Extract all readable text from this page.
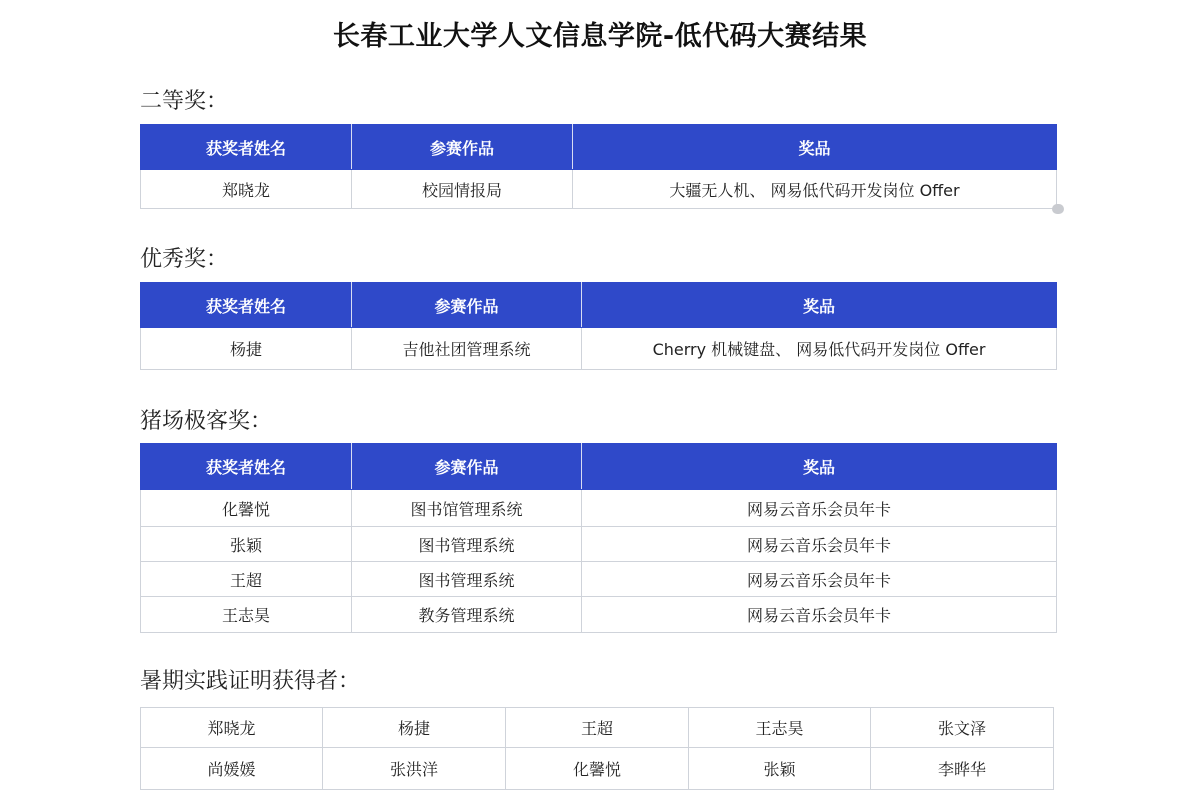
长春工业大学人文信息学院-低代码大赛结果
二等奖：
获奖者姓名	参赛作品	奖品
郑晓龙	校园情报局	大疆无人机、 网易低代码开发岗位 Offer
优秀奖：
获奖者姓名	参赛作品	奖品
杨捷	吉他社团管理系统	Cherry 机械键盘、 网易低代码开发岗位 Offer
猪场极客奖：
获奖者姓名	参赛作品	奖品
化馨悦	图书馆管理系统	网易云音乐会员年卡
张颖	图书管理系统	网易云音乐会员年卡
王超	图书管理系统	网易云音乐会员年卡
王志昊	教务管理系统	网易云音乐会员年卡
暑期实践证明获得者：
郑晓龙	杨捷	王超	王志昊	张文泽
尚媛媛	张洪洋	化馨悦	张颖	李晔华
